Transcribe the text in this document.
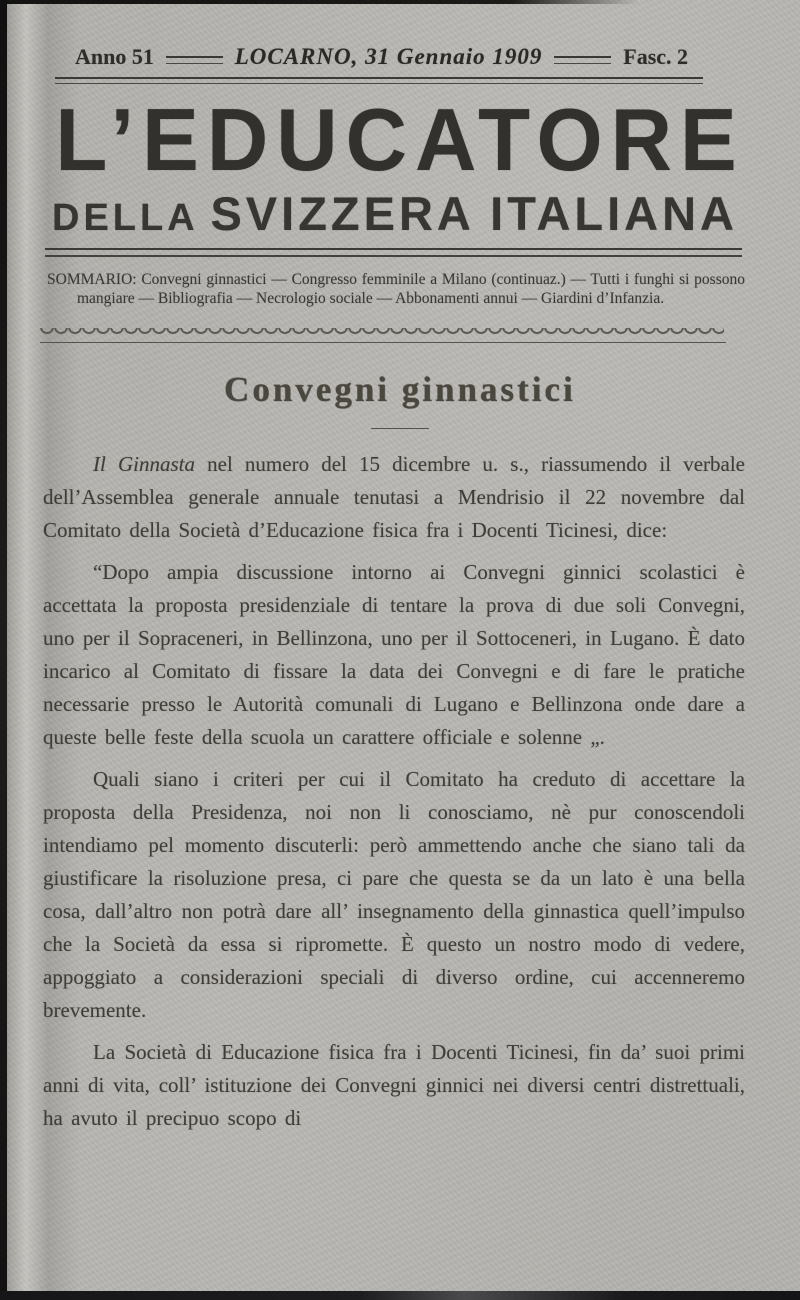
Anno 51	LOCARNO, 31 Gennaio 1909	Fasc. 2
L’EDUCATORE
DELLA SVIZZERA ITALIANA
SOMMARIO: Convegni ginnastici — Congresso femminile a Milano (continuaz.) — Tutti i funghi si possono mangiare — Bibliografia — Necrologio sociale — Abbonamenti annui — Giardini d’Infanzia.
Convegni ginnastici

Il Ginnasta nel numero del 15 dicembre u. s., riassumendo il verbale dell’Assemblea generale annuale tenutasi a Mendrisio il 22 novembre dal Comitato della Società d’Educazione fisica fra i Docenti Ticinesi, dice:

“Dopo ampia discussione intorno ai Convegni ginnici scolastici è accettata la proposta presidenziale di tentare la prova di due soli Convegni, uno per il Sopraceneri, in Bellinzona, uno per il Sottoceneri, in Lugano. È dato incarico al Comitato di fissare la data dei Convegni e di fare le pratiche necessarie presso le Autorità comunali di Lugano e Bellinzona onde dare a queste belle feste della scuola un carattere officiale e solenne „.

Quali siano i criteri per cui il Comitato ha creduto di accettare la proposta della Presidenza, noi non li conosciamo, nè pur conoscendoli intendiamo pel momento discuterli: però ammettendo anche che siano tali da giustificare la risoluzione presa, ci pare che questa se da un lato è una bella cosa, dall’altro non potrà dare all’ insegnamento della ginnastica quell’impulso che la Società da essa si ripromette. È questo un nostro modo di vedere, appoggiato a considerazioni speciali di diverso ordine, cui accenneremo brevemente.

La Società di Educazione fisica fra i Docenti Ticinesi, fin da’ suoi primi anni di vita, coll’ istituzione dei Convegni ginnici nei diversi centri distrettuali, ha avuto il precipuo scopo di
